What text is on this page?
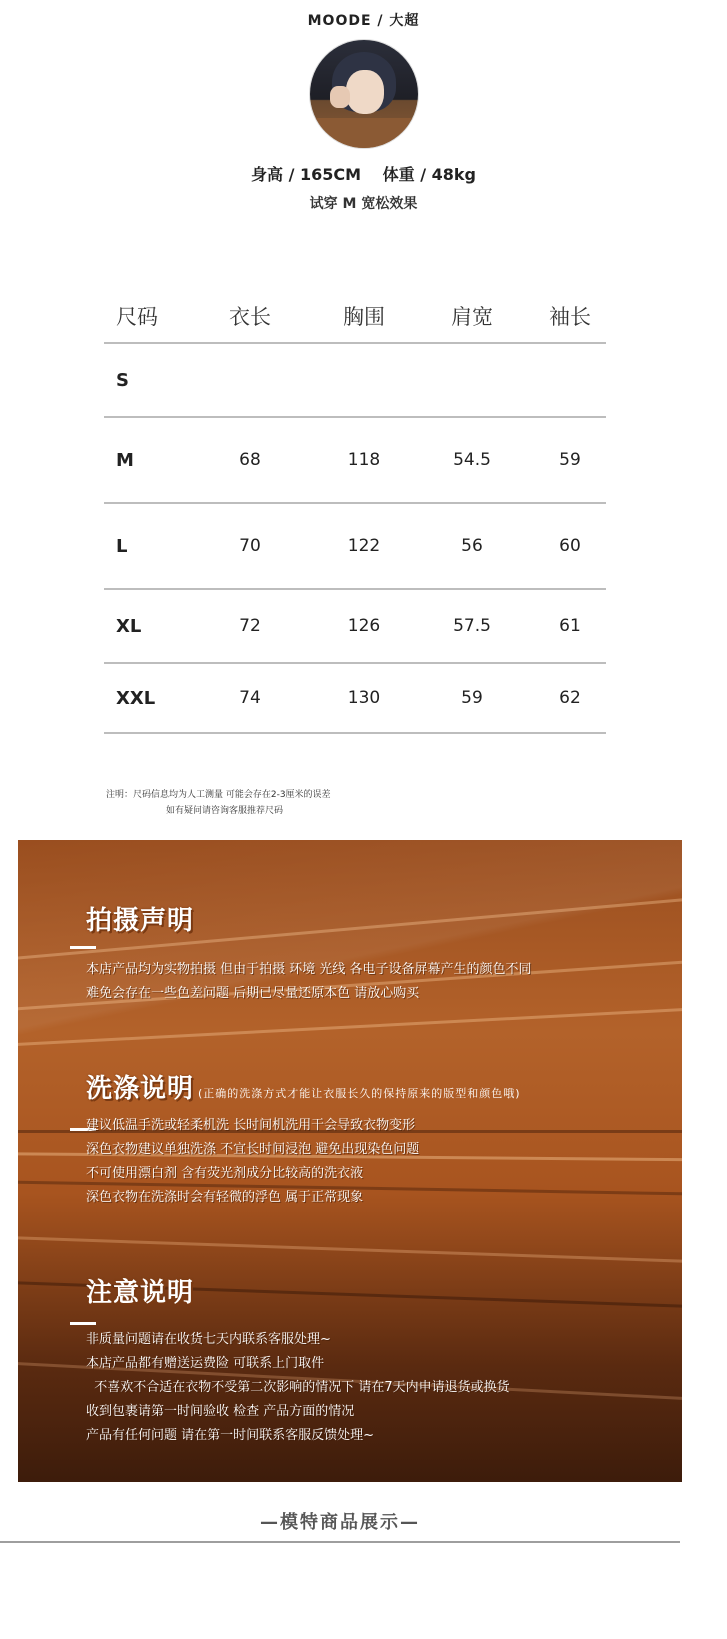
MOODE / 大超
身高 / 165CM 体重 / 48kg
试穿 M 宽松效果
尺码	衣长	胸围	肩宽	袖长
S
M	68	118	54.5	59
L	70	122	56	60
XL	72	126	57.5	61
XXL	74	130	59	62
注明：尺码信息均为人工测量 可能会存在2-3厘米的误差
如有疑问请咨询客服推荐尺码
拍摄声明
本店产品均为实物拍摄 但由于拍摄 环境 光线 各电子设备屏幕产生的颜色不同
难免会存在一些色差问题 后期已尽量还原本色 请放心购买
洗涤说明 (正确的洗涤方式才能让衣服长久的保持原来的版型和颜色哦)
建议低温手洗或轻柔机洗 长时间机洗用干会导致衣物变形
深色衣物建议单独洗涤 不宜长时间浸泡 避免出现染色问题
不可使用漂白剂 含有荧光剂成分比较高的洗衣液
深色衣物在洗涤时会有轻微的浮色 属于正常现象
注意说明
非质量问题请在收货七天内联系客服处理~
本店产品都有赠送运费险 可联系上门取件
不喜欢不合适在衣物不受第二次影响的情况下 请在7天内申请退货或换货
收到包裹请第一时间验收 检查 产品方面的情况
产品有任何问题 请在第一时间联系客服反馈处理~
—模特商品展示—
